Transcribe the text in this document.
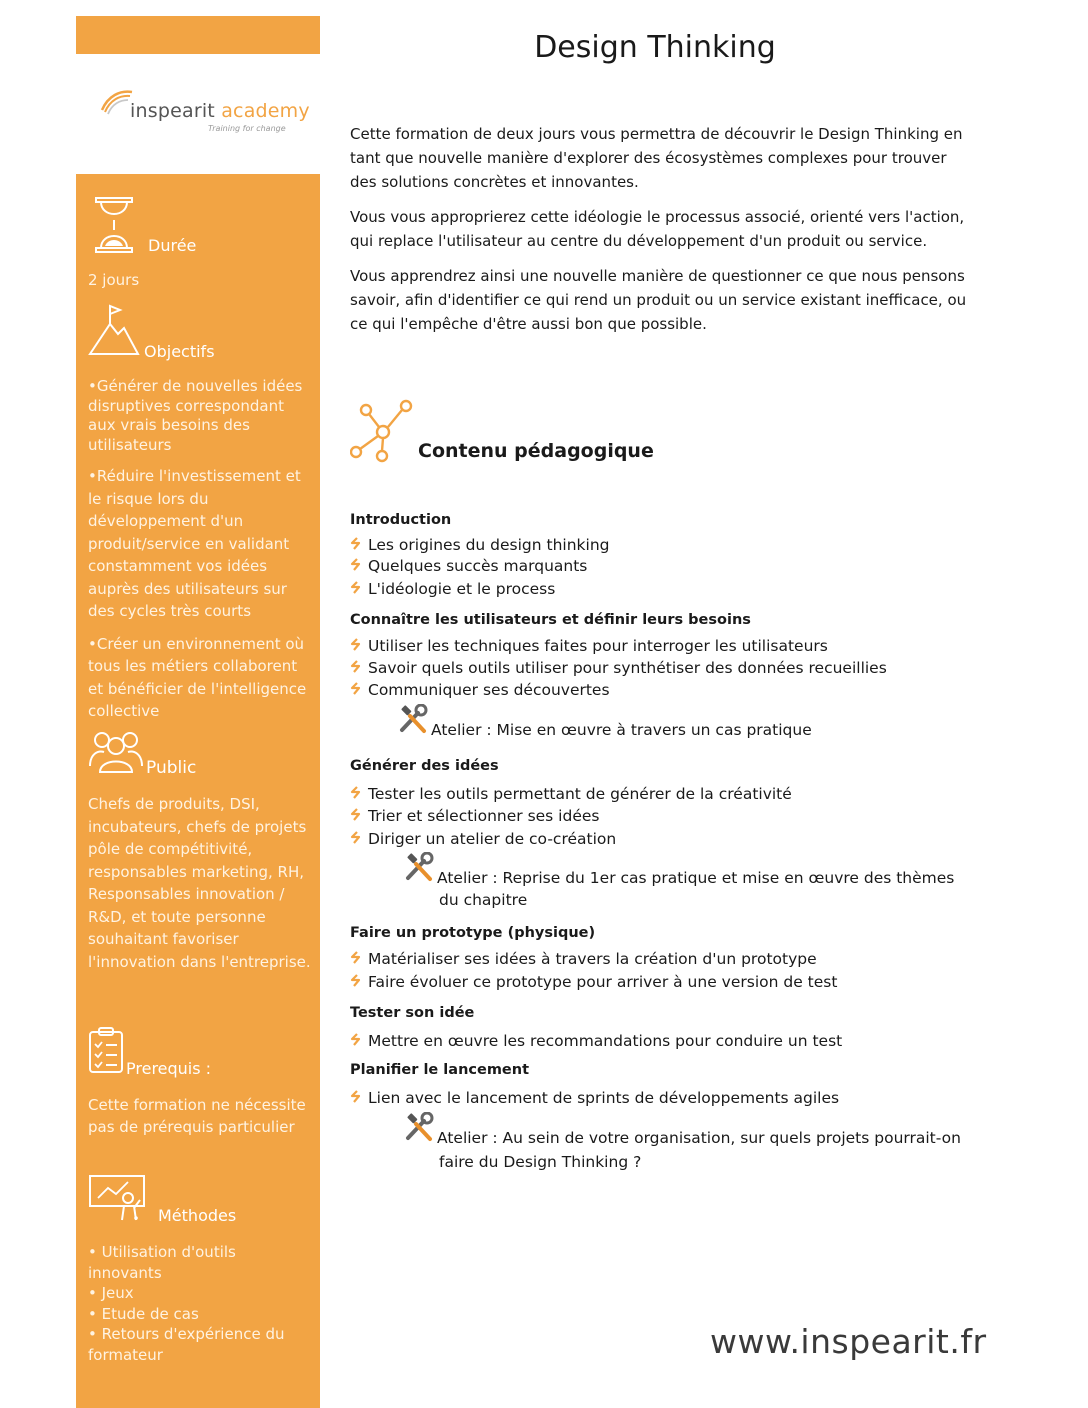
inspearit academy
Training for change
Durée
2 jours
Objectifs

•Générer de nouvelles idées disruptives correspondant aux vrais besoins des utilisateurs

•Réduire l'investissement et le risque lors du développement d'un produit/service en validant constamment vos idées auprès des utilisateurs sur des cycles très courts

•Créer un environnement où tous les métiers collaborent et bénéficier de l'intelligence collective

Public
Chefs de produits, DSI, incubateurs, chefs de projets pôle de compétitivité, responsables marketing, RH, Responsables innovation / R&D, et toute personne souhaitant favoriser l'innovation dans l'entreprise.
Prerequis :
Cette formation ne nécessite pas de prérequis particulier
Méthodes
• Utilisation d'outils innovants
• Jeux
• Etude de cas
• Retours d'expérience du formateur
Design Thinking

Cette formation de deux jours vous permettra de découvrir le Design Thinking en tant que nouvelle manière d'explorer des écosystèmes complexes pour trouver des solutions concrètes et innovantes.

Vous vous approprierez cette idéologie le processus associé, orienté vers l'action, qui replace l'utilisateur au centre du développement d'un produit ou service.

Vous apprendrez ainsi une nouvelle manière de questionner ce que nous pensons savoir, afin d'identifier ce qui rend un produit ou un service existant inefficace, ou ce qui l'empêche d'être aussi bon que possible.

Contenu pédagogique
Introduction
Les origines du design thinking
Quelques succès marquants
L'idéologie et le process
Connaître les utilisateurs et définir leurs besoins
Utiliser les techniques faites pour interroger les utilisateurs
Savoir quels outils utiliser pour synthétiser des données recueillies
Communiquer ses découvertes
Atelier : Mise en œuvre à travers un cas pratique
Générer des idées
Tester les outils permettant de générer de la créativité
Trier et sélectionner ses idées
Diriger un atelier de co-création
Atelier : Reprise du 1er cas pratique et mise en œuvre des thèmes
du chapitre
Faire un prototype (physique)
Matérialiser ses idées à travers la création d'un prototype
Faire évoluer ce prototype pour arriver à une version de test
Tester son idée
Mettre en œuvre les recommandations pour conduire un test
Planifier le lancement
Lien avec le lancement de sprints de développements agiles
Atelier : Au sein de votre organisation, sur quels projets pourrait-on
faire du Design Thinking ?
www.inspearit.fr
